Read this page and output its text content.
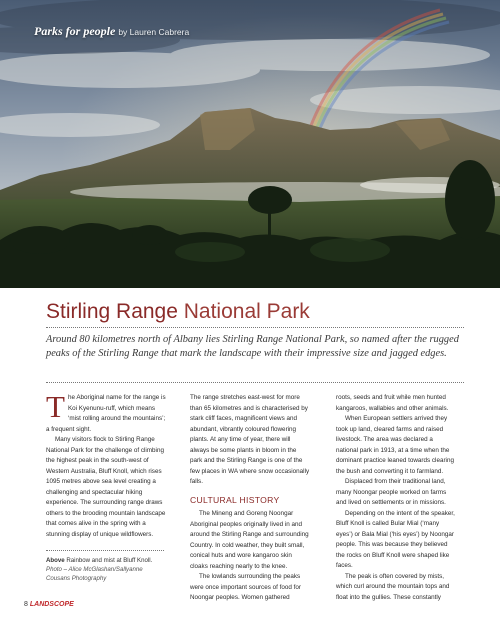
Parks for people by Lauren Cabrera
Stirling Range National Park

Around 80 kilometres north of Albany lies Stirling Range National Park, so named after the rugged peaks of the Stirling Range that mark the landscape with their impressive size and jagged edges.

The Aboriginal name for the range is Koi Kyenunu-ruff, which means ‘mist rolling around the mountains’; a frequent sight.

Many visitors flock to Stirling Range National Park for the challenge of climbing the highest peak in the south-west of Western Australia, Bluff Knoll, which rises 1095 metres above sea level creating a challenging and spectacular hiking experience. The surrounding range draws others to the brooding mountain landscape that comes alive in the spring with a stunning display of unique wildflowers.

The range stretches east-west for more than 65 kilometres and is characterised by stark cliff faces, magnificent views and abundant, vibrantly coloured flowering plants. At any time of year, there will always be some plants in bloom in the park and the Stirling Range is one of the few places in WA where snow occasionally falls.

CULTURAL HISTORY

The Mineng and Goreng Noongar Aboriginal peoples originally lived in and around the Stirling Range and surrounding Country. In cold weather, they built small, conical huts and wore kangaroo skin cloaks reaching nearly to the knee.

The lowlands surrounding the peaks were once important sources of food for Noongar peoples. Women gathered

roots, seeds and fruit while men hunted kangaroos, wallabies and other animals.

When European settlers arrived they took up land, cleared farms and raised livestock. The area was declared a national park in 1913, at a time when the dominant practice leaned towards clearing the bush and converting it to farmland.

Displaced from their traditional land, many Noongar people worked on farms and lived on settlements or in missions.

Depending on the intent of the speaker, Bluff Knoll is called Bular Mial (‘many eyes’) or Bala Mial (‘his eyes’) by Noongar people. This was because they believed the rocks on Bluff Knoll were shaped like faces.

The peak is often covered by mists, which curl around the mountain tops and float into the gullies. These constantly

Above Rainbow and mist at Bluff Knoll.
Photo – Alice McGlashan/Sallyanne Cousans Photography
8 LANDSCOPE
